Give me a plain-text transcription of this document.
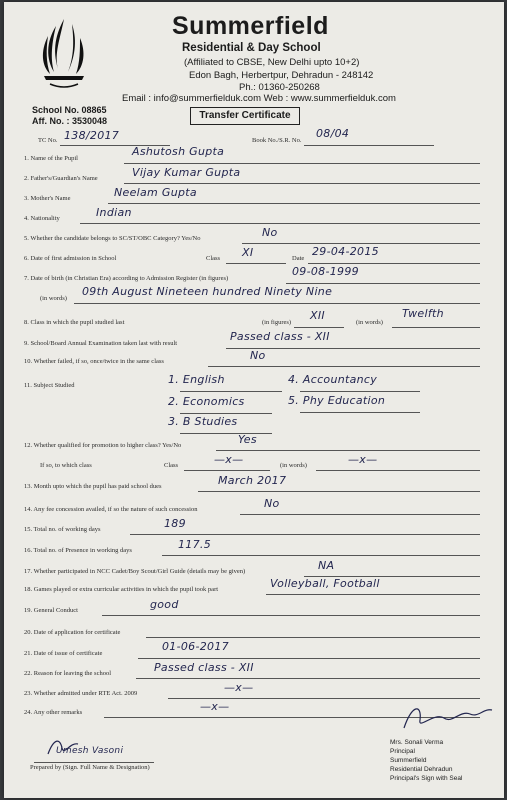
Summerfield
Residential & Day School
(Affiliated to CBSE, New Delhi upto 10+2)
Edon Bagh, Herbertpur, Dehradun - 248142
Ph.: 01360-250268
Email : info@summerfielduk.com Web : www.summerfielduk.com
School No. 08865
Aff. No. : 3530048	Transfer Certificate
TC No. 138/2017	Book No./S.R. No.
08/04
1. Name of the Pupil
Ashutosh Gupta
2. Father's/Guardian's Name	Vijay Kumar Gupta
3. Mother's Name	Neelam Gupta
4. Nationality	Indian
5. Whether the candidate belongs to SC/ST/OBC Category? Yes/No	No
6. Date of first admission in School	Class XI	Date
29-04-2015
7. Date of birth (in Christian Era) according to Admission Register (in figures)
09-08-1999
(in words)
09th August Nineteen hundred Ninety Nine
8. Class in which the pupil studied last	(in figures)
XII
(in words)
Twelfth
9. School/Board Annual Examination taken last with result
Passed class - XII
10. Whether failed, if so, once/twice in the same class	No
11. Subject Studied	1. English
2. Economics
3. B Studies
4. Accountancy
5. Phy Education
12. Whether qualified for promotion to higher class? Yes/No	Yes
If so, to which class	Class	—x—	(in words)	—x—
13. Month upto which the pupil has paid school dues	March 2017
14. Any fee concession availed, if so the nature of such concession	No
15. Total no. of working days	189
16. Total no. of Presence in working days	117.5
17. Whether participated in NCC Cadet/Boy Scout/Girl Guide (details may be given)	NA
18. Games played or extra curricular activities in which the pupil took part	Volleyball, Football
19. General Conduct	good
20. Date of application for certificate
21. Date of issue of certificate
01-06-2017
22. Reason for leaving the school	Passed class - XII
23. Whether admitted under RTE Act. 2009	—x—
24. Any other remarks	—x—
Umesh Vasoni
Prepared by (Sign. Full Name & Designation)
Mrs. Sonali Verma
Principal
Summerfield
Residential Dehradun
Principal's Sign with Seal
